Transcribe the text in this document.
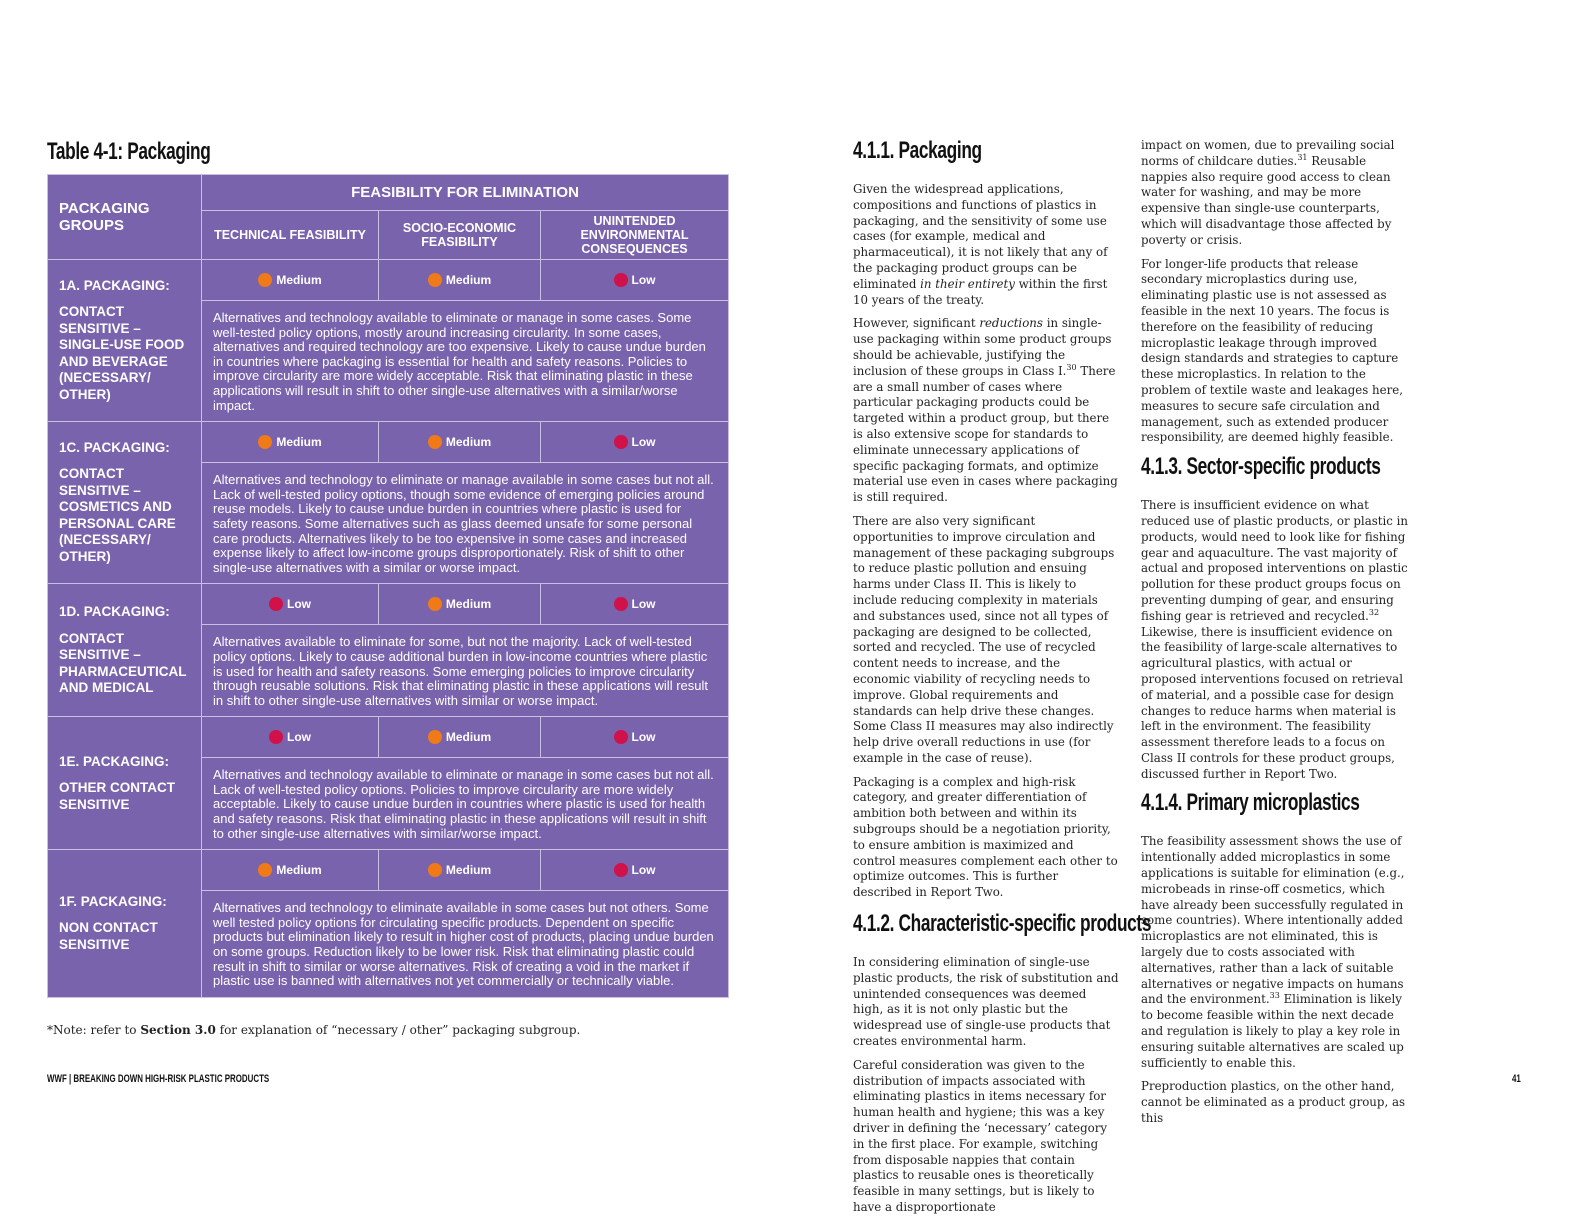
Table 4-1: Packaging
PACKAGING GROUPS	FEASIBILITY FOR ELIMINATION		
	TECHNICAL FEASIBILITY	SOCIO-ECONOMIC FEASIBILITY	UNINTENDED ENVIRONMENTAL CONSEQUENCES

1A. PACKAGING:
CONTACT SENSITIVE – SINGLE-USE FOOD AND BEVERAGE (NECESSARY/ OTHER)	Medium	Medium	Low
	Alternatives and technology available to eliminate or manage in some cases. Some well-tested policy options, mostly around increasing circularity. In some cases, alternatives and required technology are too expensive. Likely to cause undue burden in countries where packaging is essential for health and safety reasons. Policies to improve circularity are more widely acceptable. Risk that eliminating plastic in these applications will result in shift to other single-use alternatives with a similar/worse impact.		

1C. PACKAGING:
CONTACT SENSITIVE – COSMETICS AND PERSONAL CARE (NECESSARY/ OTHER)	Medium	Medium	Low
	Alternatives and technology to eliminate or manage available in some cases but not all. Lack of well-tested policy options, though some evidence of emerging policies around reuse models. Likely to cause undue burden in countries where plastic is used for safety reasons. Some alternatives such as glass deemed unsafe for some personal care products. Alternatives likely to be too expensive in some cases and increased expense likely to affect low-income groups disproportionately. Risk of shift to other single-use alternatives with a similar or worse impact.		

1D. PACKAGING:
CONTACT SENSITIVE – PHARMACEUTICAL AND MEDICAL	Low	Medium	Low
	Alternatives available to eliminate for some, but not the majority. Lack of well-tested policy options. Likely to cause additional burden in low-income countries where plastic is used for health and safety reasons. Some emerging policies to improve circularity through reusable solutions. Risk that eliminating plastic in these applications will result in shift to other single-use alternatives with similar or worse impact.		

1E. PACKAGING:
OTHER CONTACT SENSITIVE	Low	Medium	Low
	Alternatives and technology available to eliminate or manage in some cases but not all. Lack of well-tested policy options. Policies to improve circularity are more widely acceptable. Likely to cause undue burden in countries where plastic is used for health and safety reasons. Risk that eliminating plastic in these applications will result in shift to other single-use alternatives with similar/worse impact.		

1F. PACKAGING:
NON CONTACT SENSITIVE	Medium	Medium	Low
	Alternatives and technology to eliminate available in some cases but not others. Some well tested policy options for circulating specific products. Dependent on specific products but elimination likely to result in higher cost of products, placing undue burden on some groups. Reduction likely to be lower risk. Risk that eliminating plastic could result in shift to similar or worse alternatives. Risk of creating a void in the market if plastic use is banned with alternatives not yet commercially or technically viable.		
*Note: refer to Section 3.0 for explanation of “necessary / other” packaging subgroup.
4.1.1. Packaging

Given the widespread applications, compositions and functions of plastics in packaging, and the sensitivity of some use cases (for example, medical and pharmaceutical), it is not likely that any of the packaging product groups can be eliminated in their entirety within the first 10 years of the treaty.

However, significant reductions in single-use packaging within some product groups should be achievable, justifying the inclusion of these groups in Class I.$^{30}$ There are a small number of cases where particular packaging products could be targeted within a product group, but there is also extensive scope for standards to eliminate unnecessary applications of specific packaging formats, and optimize material use even in cases where packaging is still required.

There are also very significant opportunities to improve circulation and management of these packaging subgroups to reduce plastic pollution and ensuing harms under Class II. This is likely to include reducing complexity in materials and substances used, since not all types of packaging are designed to be collected, sorted and recycled. The use of recycled content needs to increase, and the economic viability of recycling needs to improve. Global requirements and standards can help drive these changes. Some Class II measures may also indirectly help drive overall reductions in use (for example in the case of reuse).

Packaging is a complex and high-risk category, and greater differentiation of ambition both between and within its subgroups should be a negotiation priority, to ensure ambition is maximized and control measures complement each other to optimize outcomes. This is further described in Report Two.

4.1.2. Characteristic-specific products

In considering elimination of single-use plastic products, the risk of substitution and unintended consequences was deemed high, as it is not only plastic but the widespread use of single-use products that creates environmental harm.

Careful consideration was given to the distribution of impacts associated with eliminating plastics in items necessary for human health and hygiene; this was a key driver in defining the ‘necessary’ category in the first place. For example, switching from disposable nappies that contain plastics to reusable ones is theoretically feasible in many settings, but is likely to have a disproportionate

impact on women, due to prevailing social norms of childcare duties.$^{31}$ Reusable nappies also require good access to clean water for washing, and may be more expensive than single-use counterparts, which will disadvantage those affected by poverty or crisis.

For longer-life products that release secondary microplastics during use, eliminating plastic use is not assessed as feasible in the next 10 years. The focus is therefore on the feasibility of reducing microplastic leakage through improved design standards and strategies to capture these microplastics. In relation to the problem of textile waste and leakages here, measures to secure safe circulation and management, such as extended producer responsibility, are deemed highly feasible.

4.1.3. Sector-specific products

There is insufficient evidence on what reduced use of plastic products, or plastic in products, would need to look like for fishing gear and aquaculture. The vast majority of actual and proposed interventions on plastic pollution for these product groups focus on preventing dumping of gear, and ensuring fishing gear is retrieved and recycled.$^{32}$ Likewise, there is insufficient evidence on the feasibility of large-scale alternatives to agricultural plastics, with actual or proposed interventions focused on retrieval of material, and a possible case for design changes to reduce harms when material is left in the environment. The feasibility assessment therefore leads to a focus on Class II controls for these product groups, discussed further in Report Two.

4.1.4. Primary microplastics

The feasibility assessment shows the use of intentionally added microplastics in some applications is suitable for elimination (e.g., microbeads in rinse-off cosmetics, which have already been successfully regulated in some countries). Where intentionally added microplastics are not eliminated, this is largely due to costs associated with alternatives, rather than a lack of suitable alternatives or negative impacts on humans and the environment.$^{33}$ Elimination is likely to become feasible within the next decade and regulation is likely to play a key role in ensuring suitable alternatives are scaled up sufficiently to enable this.

Preproduction plastics, on the other hand, cannot be eliminated as a product group, as this

WWF | BREAKING DOWN HIGH-RISK PLASTIC PRODUCTS	41
